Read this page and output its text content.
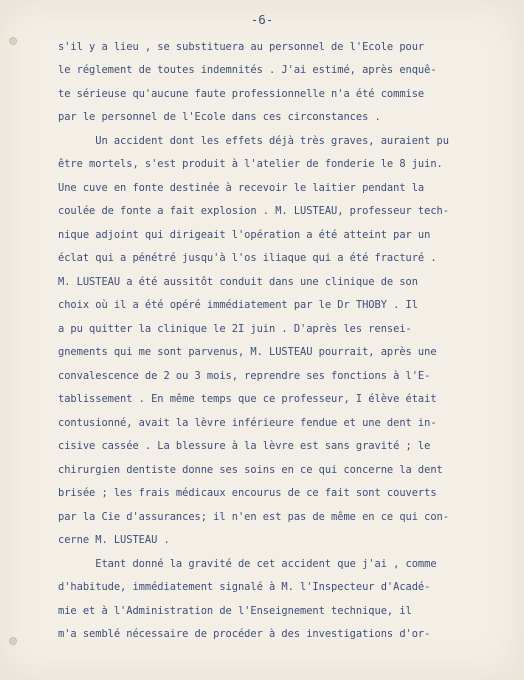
-6-
s'il y a lieu , se substituera au personnel de l'Ecole pour
le réglement de toutes indemnités . J'ai estimé, après enquê-
te sérieuse qu'aucune faute professionnelle n'a été commise
par le personnel de l'Ecole dans ces circonstances .
Un accident dont les effets déjà très graves, auraient pu
être mortels, s'est produit à l'atelier de fonderie le 8 juin.
Une cuve en fonte destinée à recevoir le laitier pendant la
coulée de fonte a fait explosion . M. LUSTEAU, professeur tech-
nique adjoint qui dirigeait l'opération a été atteint par un
éclat qui a pénétré jusqu'à l'os iliaque qui a été fracturé .
M. LUSTEAU a été aussitôt conduit dans une clinique de son
choix où il a été opéré immédiatement par le Dr THOBY . Il
a pu quitter la clinique le 2I juin . D'après les rensei-
gnements qui me sont parvenus, M. LUSTEAU pourrait, après une
convalescence de 2 ou 3 mois, reprendre ses fonctions à l'E-
tablissement . En même temps que ce professeur, I élève était
contusionné, avait la lèvre inférieure fendue et une dent in-
cisive cassée . La blessure à la lèvre est sans gravité ; le
chirurgien dentiste donne ses soins en ce qui concerne la dent
brisée ; les frais médicaux encourus de ce fait sont couverts
par la Cie d'assurances; il n'en est pas de même en ce qui con-
cerne M. LUSTEAU .
Etant donné la gravité de cet accident que j'ai , comme
d'habitude, immédiatement signalé à M. l'Inspecteur d'Acadé-
mie et à l'Administration de l'Enseignement technique, il
m'a semblé nécessaire de procéder à des investigations d'or-
